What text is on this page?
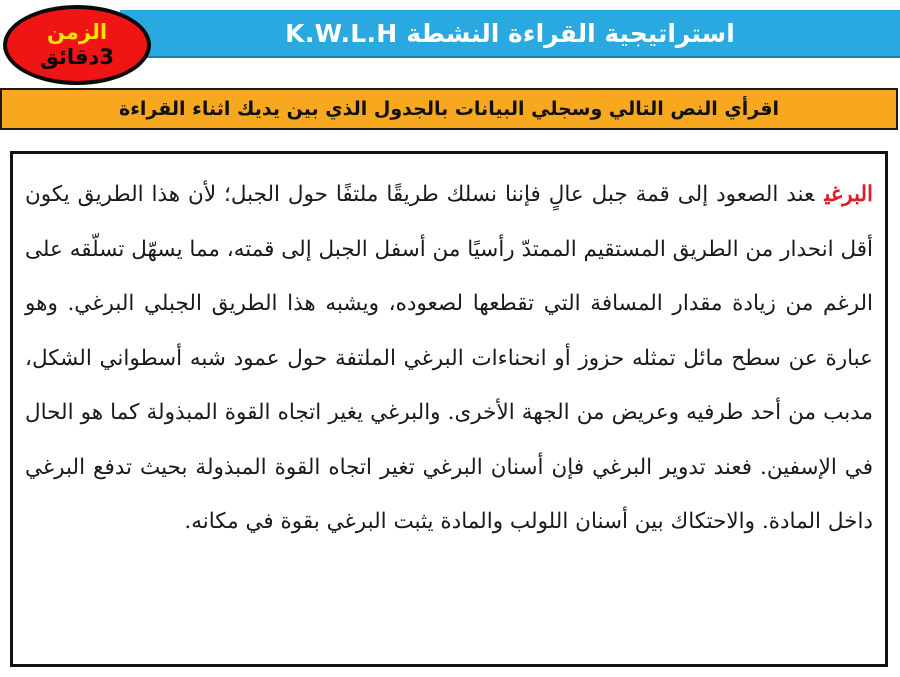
استراتيجية القراءة النشطة K.W.L.H
الزمن
3دقائق
اقرأي النص التالي وسجلي البيانات بالجدول الذي بين يديك اثناء القراءة

البرغيعند الصعود إلى قمة جبل عالٍ فإننا نسلك طريقًا ملتفًا حول الجبل؛ لأن هذا الطريق يكون أقل انحدار من الطريق المستقيم الممتدّ رأسيًا من أسفل الجبل إلى قمته، مما يسهّل تسلّقه على الرغم من زيادة مقدار المسافة التي تقطعها لصعوده، ويشبه هذا الطريق الجبلي البرغي. وهو عبارة عن سطح مائل تمثله حزوز أو انحناءات البرغي الملتفة حول عمود شبه أسطواني الشكل، مدبب من أحد طرفيه وعريض من الجهة الأخرى. والبرغي يغير اتجاه القوة المبذولة كما هو الحال في الإسفين. فعند تدوير البرغي فإن أسنان البرغي تغير اتجاه القوة المبذولة بحيث تدفع البرغي داخل المادة. والاحتكاك بين أسنان اللولب والمادة يثبت البرغي بقوة في مكانه.
